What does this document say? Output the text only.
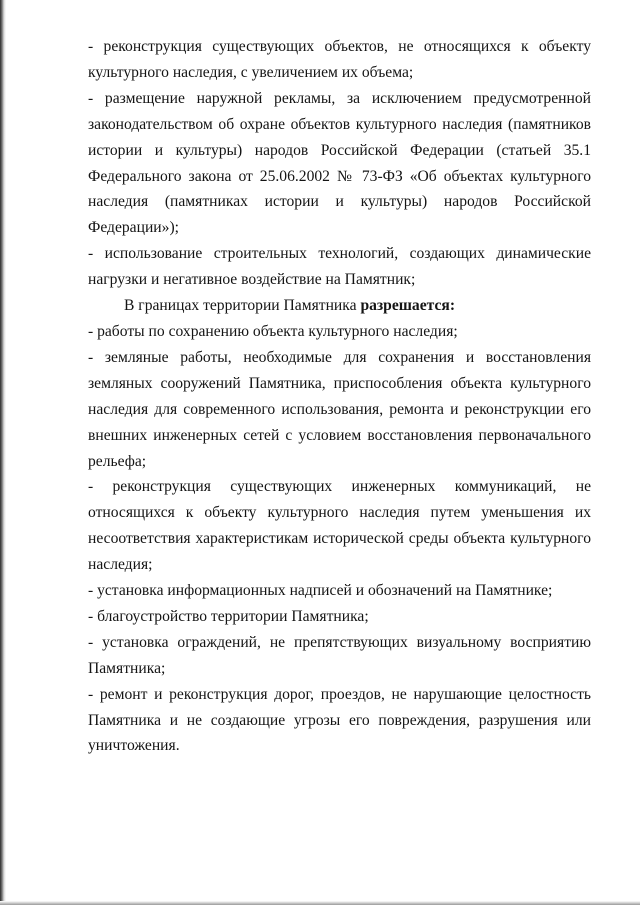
- реконструкция существующих объектов, не относящихся к объекту культурного наследия, с увеличением их объема;

- размещение наружной рекламы, за исключением предусмотренной законодательством об охране объектов культурного наследия (памятников истории и культуры) народов Российской Федерации (статьей 35.1 Федерального закона от 25.06.2002 № 73-ФЗ «Об объектах культурного наследия (памятниках истории и культуры) народов Российской Федерации»);

- использование строительных технологий, создающих динамические нагрузки и негативное воздействие на Памятник;

В границах территории Памятника разрешается:

- работы по сохранению объекта культурного наследия;

- земляные работы, необходимые для сохранения и восстановления земляных сооружений Памятника, приспособления объекта культурного наследия для современного использования, ремонта и реконструкции его внешних инженерных сетей с условием восстановления первоначального рельефа;

- реконструкция существующих инженерных коммуникаций, не относящихся к объекту культурного наследия путем уменьшения их несоответствия характеристикам исторической среды объекта культурного наследия;

- установка информационных надписей и обозначений на Памятнике;

- благоустройство территории Памятника;

- установка ограждений, не препятствующих визуальному восприятию Памятника;

- ремонт и реконструкция дорог, проездов, не нарушающие целостность Памятника и не создающие угрозы его повреждения, разрушения или уничтожения.
